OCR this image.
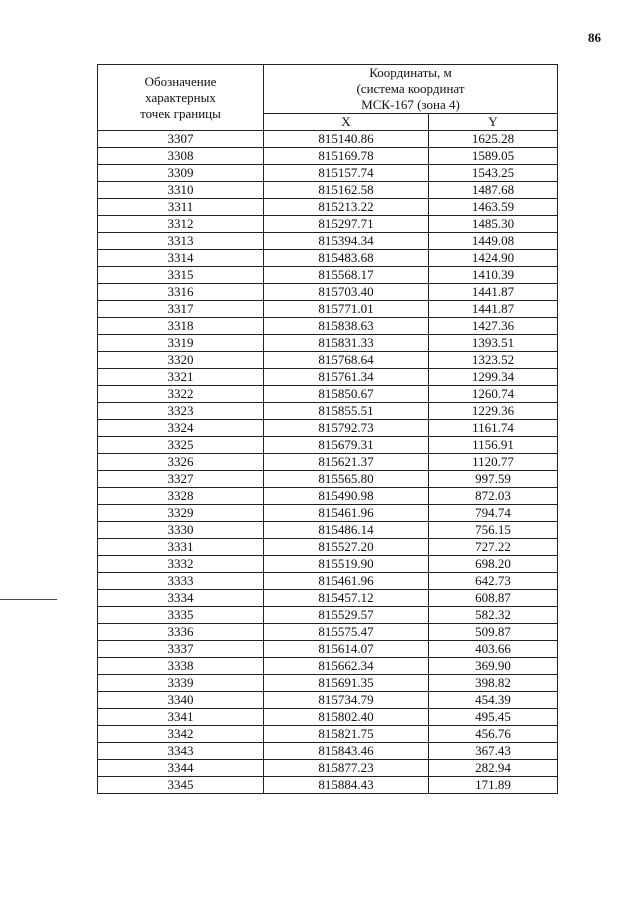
86
Обозначение
характерных
точек границы	Координаты, м
(система координат
МСК-167 (зона 4)	

	X	Y
3307	815140.86	1625.28
3308	815169.78	1589.05
3309	815157.74	1543.25
3310	815162.58	1487.68
3311	815213.22	1463.59
3312	815297.71	1485.30
3313	815394.34	1449.08
3314	815483.68	1424.90
3315	815568.17	1410.39
3316	815703.40	1441.87
3317	815771.01	1441.87
3318	815838.63	1427.36
3319	815831.33	1393.51
3320	815768.64	1323.52
3321	815761.34	1299.34
3322	815850.67	1260.74
3323	815855.51	1229.36
3324	815792.73	1161.74
3325	815679.31	1156.91
3326	815621.37	1120.77
3327	815565.80	997.59
3328	815490.98	872.03
3329	815461.96	794.74
3330	815486.14	756.15
3331	815527.20	727.22
3332	815519.90	698.20
3333	815461.96	642.73
3334	815457.12	608.87
3335	815529.57	582.32
3336	815575.47	509.87
3337	815614.07	403.66
3338	815662.34	369.90
3339	815691.35	398.82
3340	815734.79	454.39
3341	815802.40	495.45
3342	815821.75	456.76
3343	815843.46	367.43
3344	815877.23	282.94
3345	815884.43	171.89
